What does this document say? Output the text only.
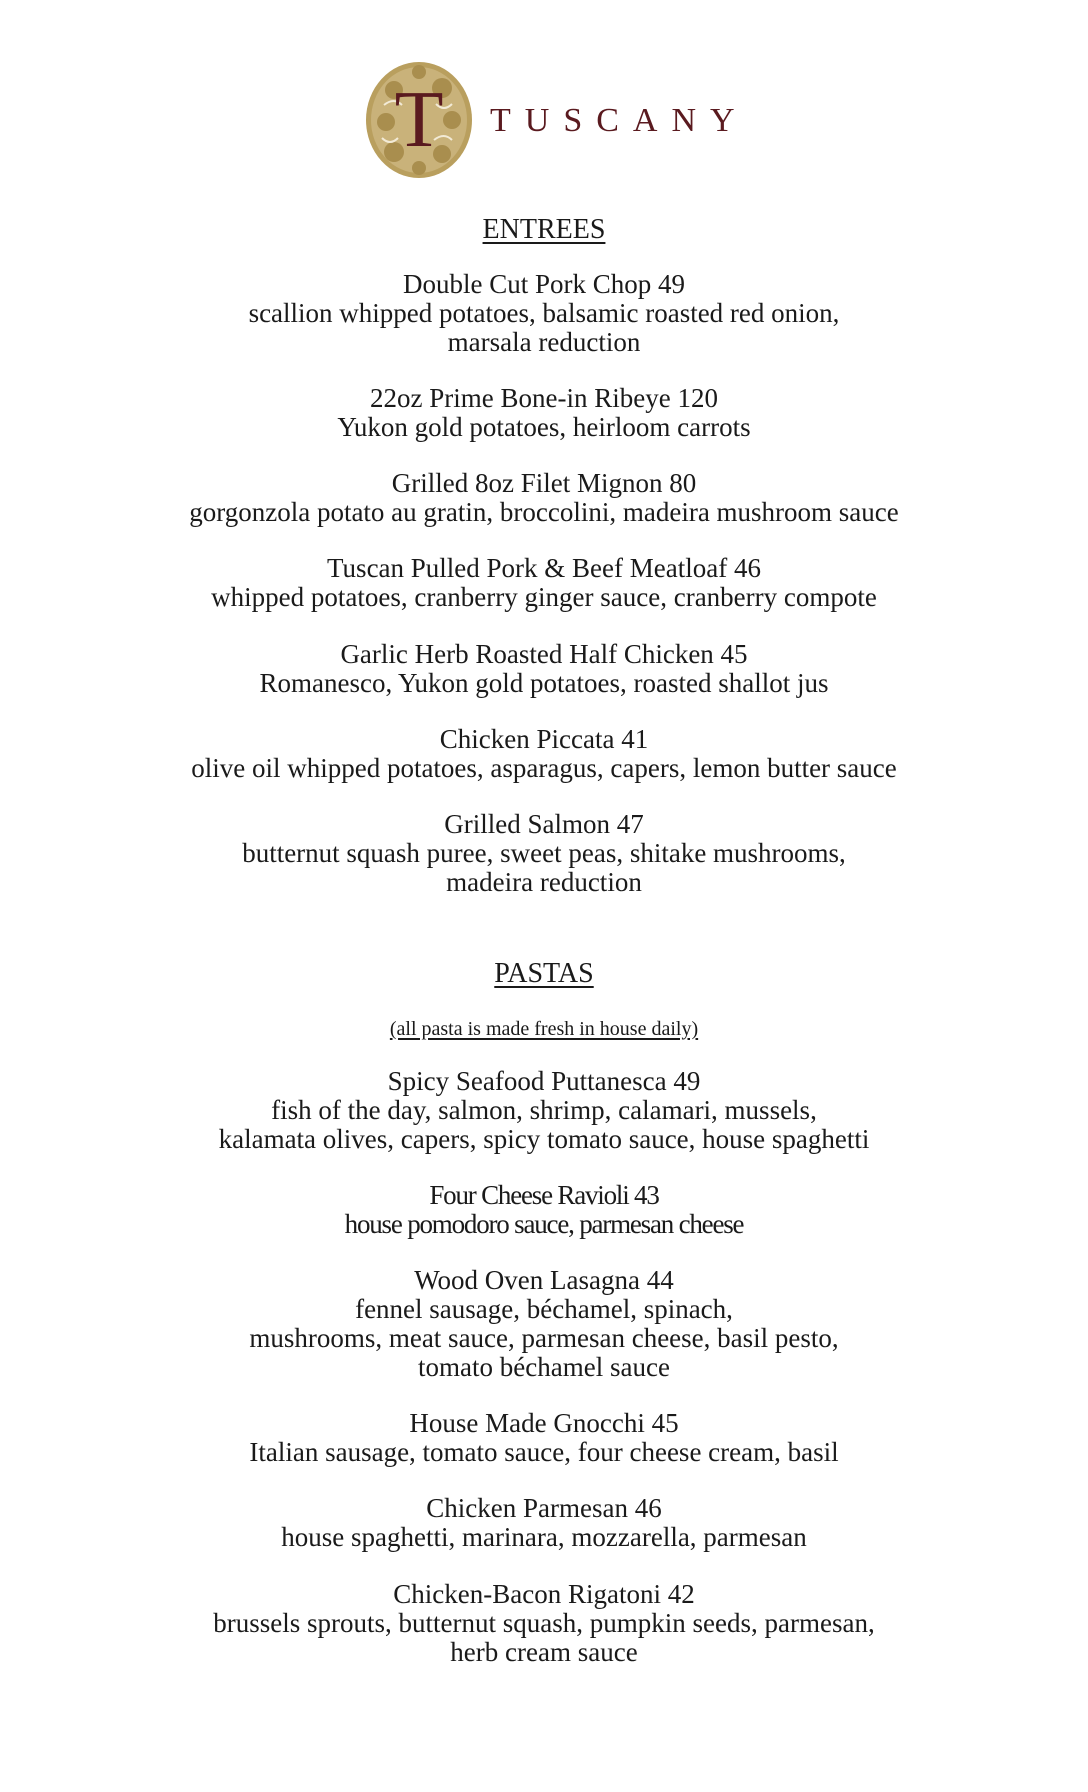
T TUSCANY
ENTREES
Double Cut Pork Chop 49
scallion whipped potatoes, balsamic roasted red onion,
marsala reduction
22oz Prime Bone-in Ribeye 120
Yukon gold potatoes, heirloom carrots
Grilled 8oz Filet Mignon 80
gorgonzola potato au gratin, broccolini, madeira mushroom sauce
Tuscan Pulled Pork & Beef Meatloaf 46
whipped potatoes, cranberry ginger sauce, cranberry compote
Garlic Herb Roasted Half Chicken 45
Romanesco, Yukon gold potatoes, roasted shallot jus
Chicken Piccata 41
olive oil whipped potatoes, asparagus, capers, lemon butter sauce
Grilled Salmon 47
butternut squash puree, sweet peas, shitake mushrooms,
madeira reduction
PASTAS
(all pasta is made fresh in house daily)
Spicy Seafood Puttanesca 49
fish of the day, salmon, shrimp, calamari, mussels,
kalamata olives, capers, spicy tomato sauce, house spaghetti
Four Cheese Ravioli 43
house pomodoro sauce, parmesan cheese
Wood Oven Lasagna 44
fennel sausage, béchamel, spinach,
mushrooms, meat sauce, parmesan cheese, basil pesto,
tomato béchamel sauce
House Made Gnocchi 45
Italian sausage, tomato sauce, four cheese cream, basil
Chicken Parmesan 46
house spaghetti, marinara, mozzarella, parmesan
Chicken-Bacon Rigatoni 42
brussels sprouts, butternut squash, pumpkin seeds, parmesan,
herb cream sauce
